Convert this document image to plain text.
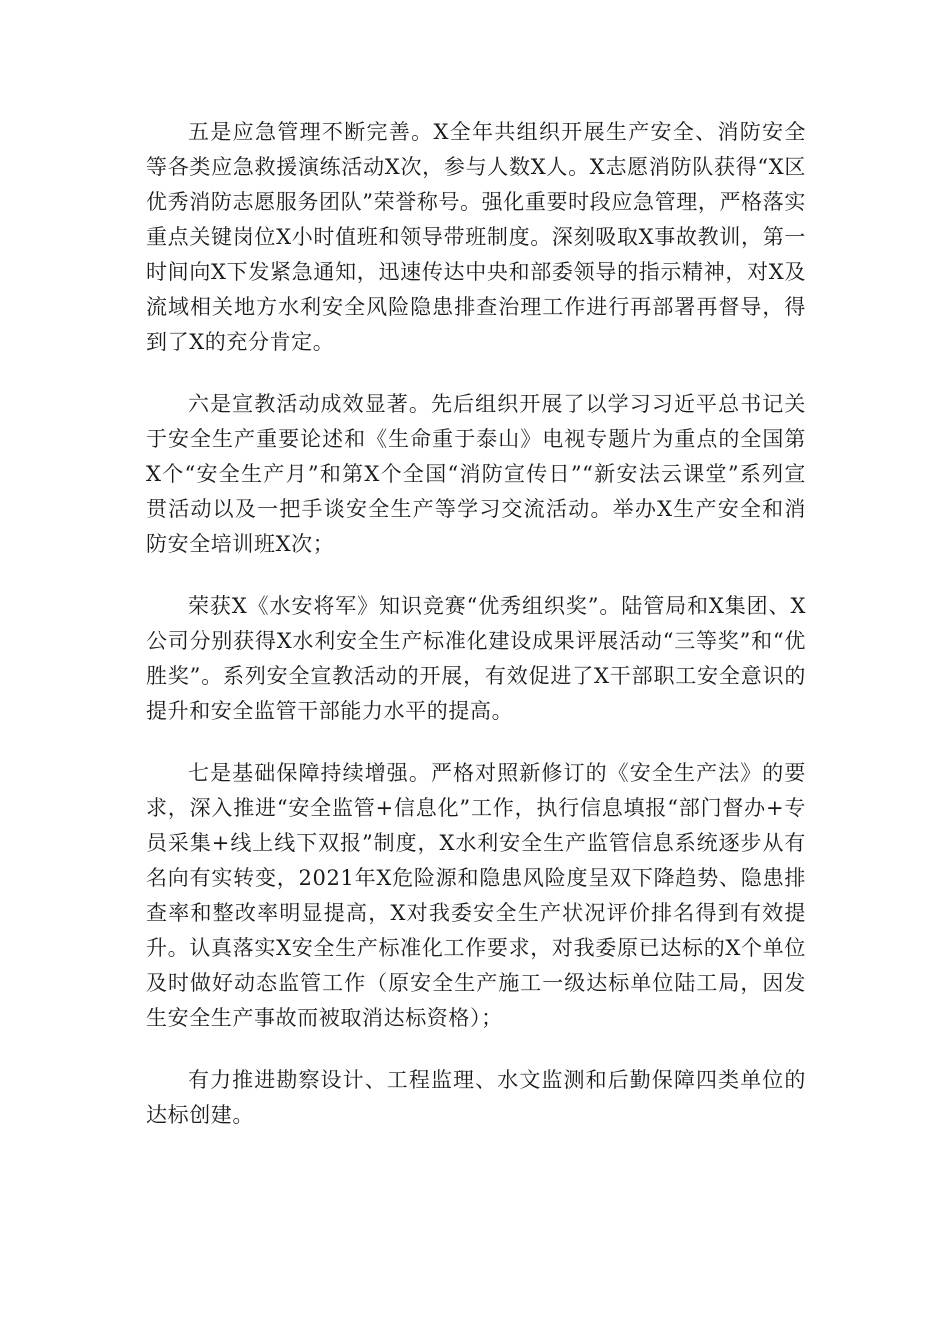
五是应急管理不断完善。X全年共组织开展生产安全、消防安全等各类应急救援演练活动X次，参与人数X人。X志愿消防队获得“X区优秀消防志愿服务团队”荣誉称号。强化重要时段应急管理，严格落实重点关键岗位X小时值班和领导带班制度。深刻吸取X事故教训，第一时间向X下发紧急通知，迅速传达中央和部委领导的指示精神，对X及流域相关地方水利安全风险隐患排查治理工作进行再部署再督导，得到了X的充分肯定。

六是宣教活动成效显著。先后组织开展了以学习习近平总书记关于安全生产重要论述和《生命重于泰山》电视专题片为重点的全国第X个“安全生产月”和第X个全国“消防宣传日”“新安法云课堂”系列宣贯活动以及一把手谈安全生产等学习交流活动。举办X生产安全和消防安全培训班X次；

荣获X《水安将军》知识竞赛“优秀组织奖”。陆管局和X集团、X公司分别获得X水利安全生产标准化建设成果评展活动“三等奖”和“优胜奖”。系列安全宣教活动的开展，有效促进了X干部职工安全意识的提升和安全监管干部能力水平的提高。

七是基础保障持续增强。严格对照新修订的《安全生产法》的要求，深入推进“安全监管+信息化”工作，执行信息填报“部门督办+专员采集+线上线下双报”制度，X水利安全生产监管信息系统逐步从有名向有实转变，2021年X危险源和隐患风险度呈双下降趋势、隐患排查率和整改率明显提高，X对我委安全生产状况评价排名得到有效提升。认真落实X安全生产标准化工作要求，对我委原已达标的X个单位及时做好动态监管工作（原安全生产施工一级达标单位陆工局，因发生安全生产事故而被取消达标资格）；

有力推进勘察设计、工程监理、水文监测和后勤保障四类单位的达标创建。
